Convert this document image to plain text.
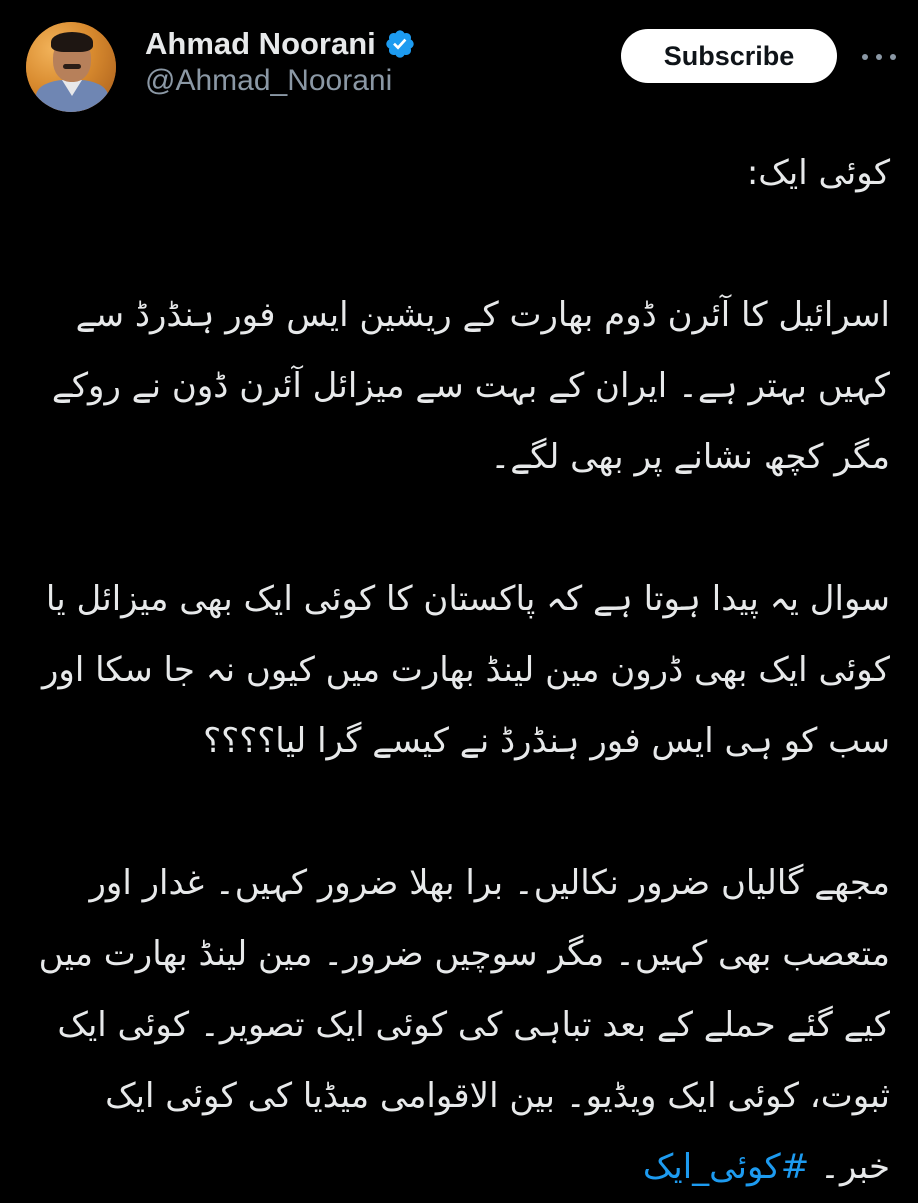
Ahmad Noorani
@Ahmad_Noorani
Subscribe

کوئی ایک:

اسرائیل کا آئرن ڈوم بھارت کے ریشین ایس فور ہنڈرڈ سے کہیں بہتر ہے۔ ایران کے بہت سے میزائل آئرن ڈون نے روکے مگر کچھ نشانے پر بھی لگے۔

سوال یہ پیدا ہوتا ہے کہ پاکستان کا کوئی ایک بھی میزائل یا کوئی ایک بھی ڈرون مین لینڈ بھارت میں کیوں نہ جا سکا اور سب کو ہی ایس فور ہنڈرڈ نے کیسے گرا لیا؟؟؟؟

مجھے گالیاں ضرور نکالیں۔ برا بھلا ضرور کہیں۔ غدار اور متعصب بھی کہیں۔ مگر سوچیں ضرور۔ مین لینڈ بھارت میں کیے گئے حملے کے بعد تباہی کی کوئی ایک تصویر۔ کوئی ایک ثبوت، کوئی ایک ویڈیو۔ بین الاقوامی میڈیا کی کوئی ایک خبر۔ #کوئی_ایک
